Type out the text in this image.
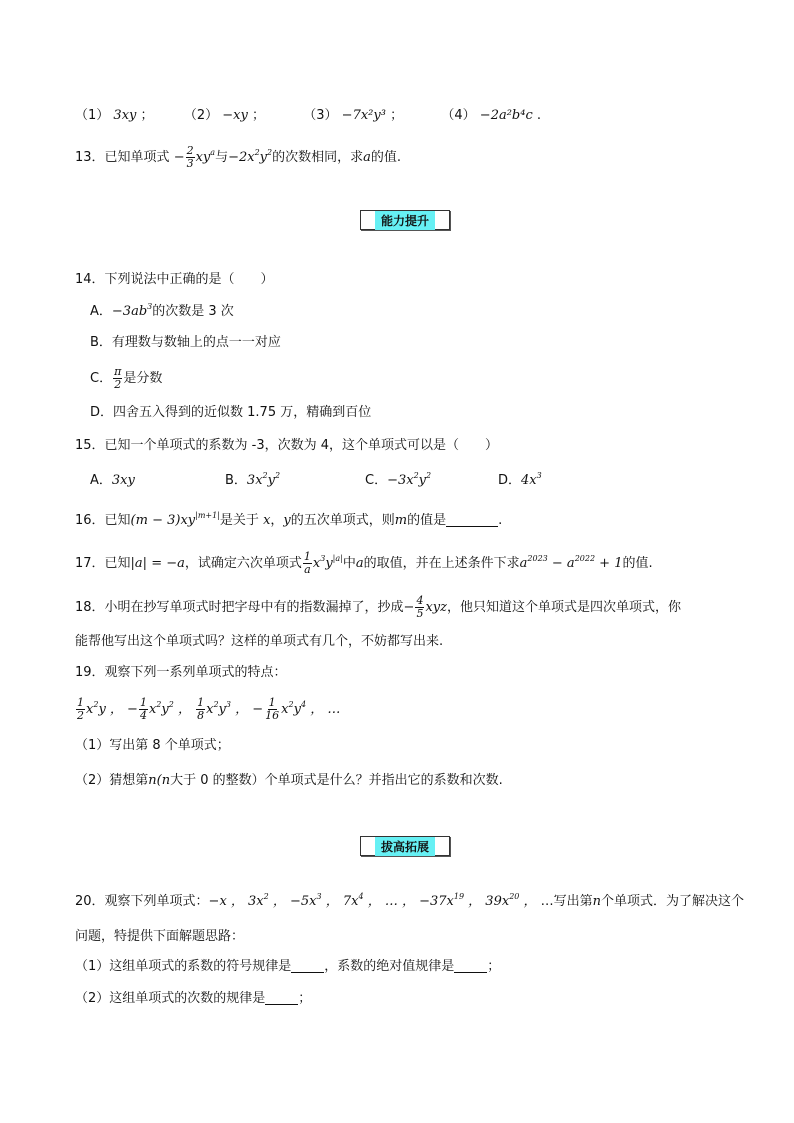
（1） 3xy ； （2） −xy ；	（3） −7x²y³ ；	（4） −2a²b⁴c .
13．已知单项式 − $\frac{2}{3} xy^a$与$-2x^2y^2$的次数相同，求a的值.
能力提升
14．下列说法中正确的是（　　）
A．$-3ab^3$的次数是 3 次
B．有理数与数轴上的点一一对应
C． $\frac{\pi}{2}$ 是分数
D．四舍五入得到的近似数 1.75 万，精确到百位
15．已知一个单项式的系数为 -3，次数为 4，这个单项式可以是（　　）
A．3xy	B．$3x^2y^2$	C．$-3x^2y^2$	D．$4x^3$
16．已知$(m - 3)xy^{|m+1|}$是关于 x，y的五次单项式，则m的值是	.
17．已知|a| = −a，试确定六次单项式 $\frac{1}{a} x^3y^{|a|}$中a的取值，并在上述条件下求$a^{2023} - a^{2022} + 1$的值.
18．小明在抄写单项式时把字母中有的指数漏掉了，抄成− $\frac{4}{5}$ xyz，他只知道这个单项式是四次单项式，你
能帮他写出这个单项式吗？这样的单项式有几个，不妨都写出来.
19．观察下列一系列单项式的特点：
$\frac{1}{2} x^2y$ ， − $\frac{1}{4} x^2y^2$ ， $\frac{1}{8} x^2y^3$ ， − $\frac{1}{16} x^2y^4$ ， …
（1）写出第 8 个单项式；
（2）猜想第n(n大于 0 的整数）个单项式是什么？并指出它的系数和次数.
拔高拓展
20．观察下列单项式：−x ， $3x^2$ ， $-5x^3$ ， $7x^4$ ， … ， $-37x^{19}$ ， $39x^{20}$ ， …写出第n个单项式．为了解决这个
问题，特提供下面解题思路：
（1）这组单项式的系数的符号规律是	，系数的绝对值规律是	；
（2）这组单项式的次数的规律是	；
